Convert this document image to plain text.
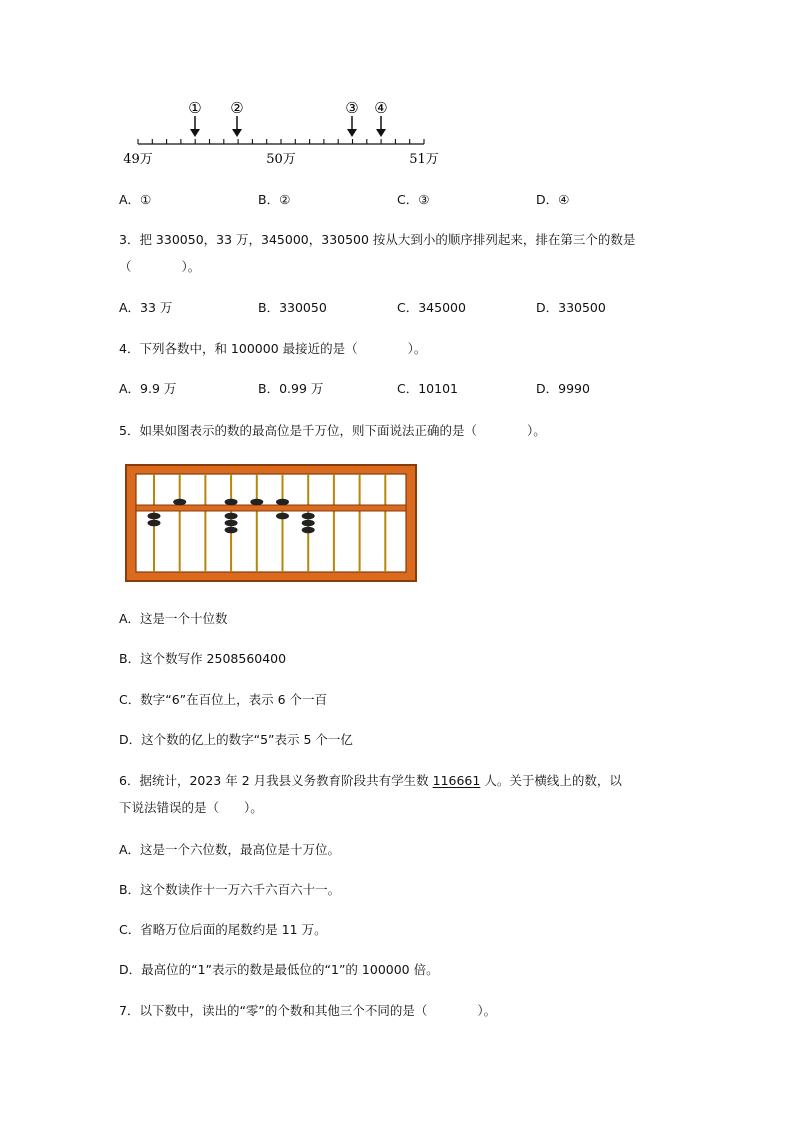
① ②	③ ④
49万	50万	51万
A．①	B．②	C．③	D．④
3．把 330050，33 万，345000，330500 按从大到小的顺序排列起来，排在第三个的数是
（　　　　）。
A．33 万	B．330050	C．345000	D．330500
4．下列各数中，和 100000 最接近的是（　　　　）。
A．9.9 万	B．0.99 万	C．10101	D．9990
5．如果如图表示的数的最高位是千万位，则下面说法正确的是（　　　　）。
A．这是一个十位数
B．这个数写作 2508560400
C．数字“6”在百位上，表示 6 个一百
D．这个数的亿上的数字“5”表示 5 个一亿
6．据统计，2023 年 2 月我县义务教育阶段共有学生数 116661 人。关于横线上的数，以
下说法错误的是（　　）。
A．这是一个六位数，最高位是十万位。
B．这个数读作十一万六千六百六十一。
C．省略万位后面的尾数约是 11 万。
D．最高位的“1”表示的数是最低位的“1”的 100000 倍。
7．以下数中，读出的“零”的个数和其他三个不同的是（　　　　）。
